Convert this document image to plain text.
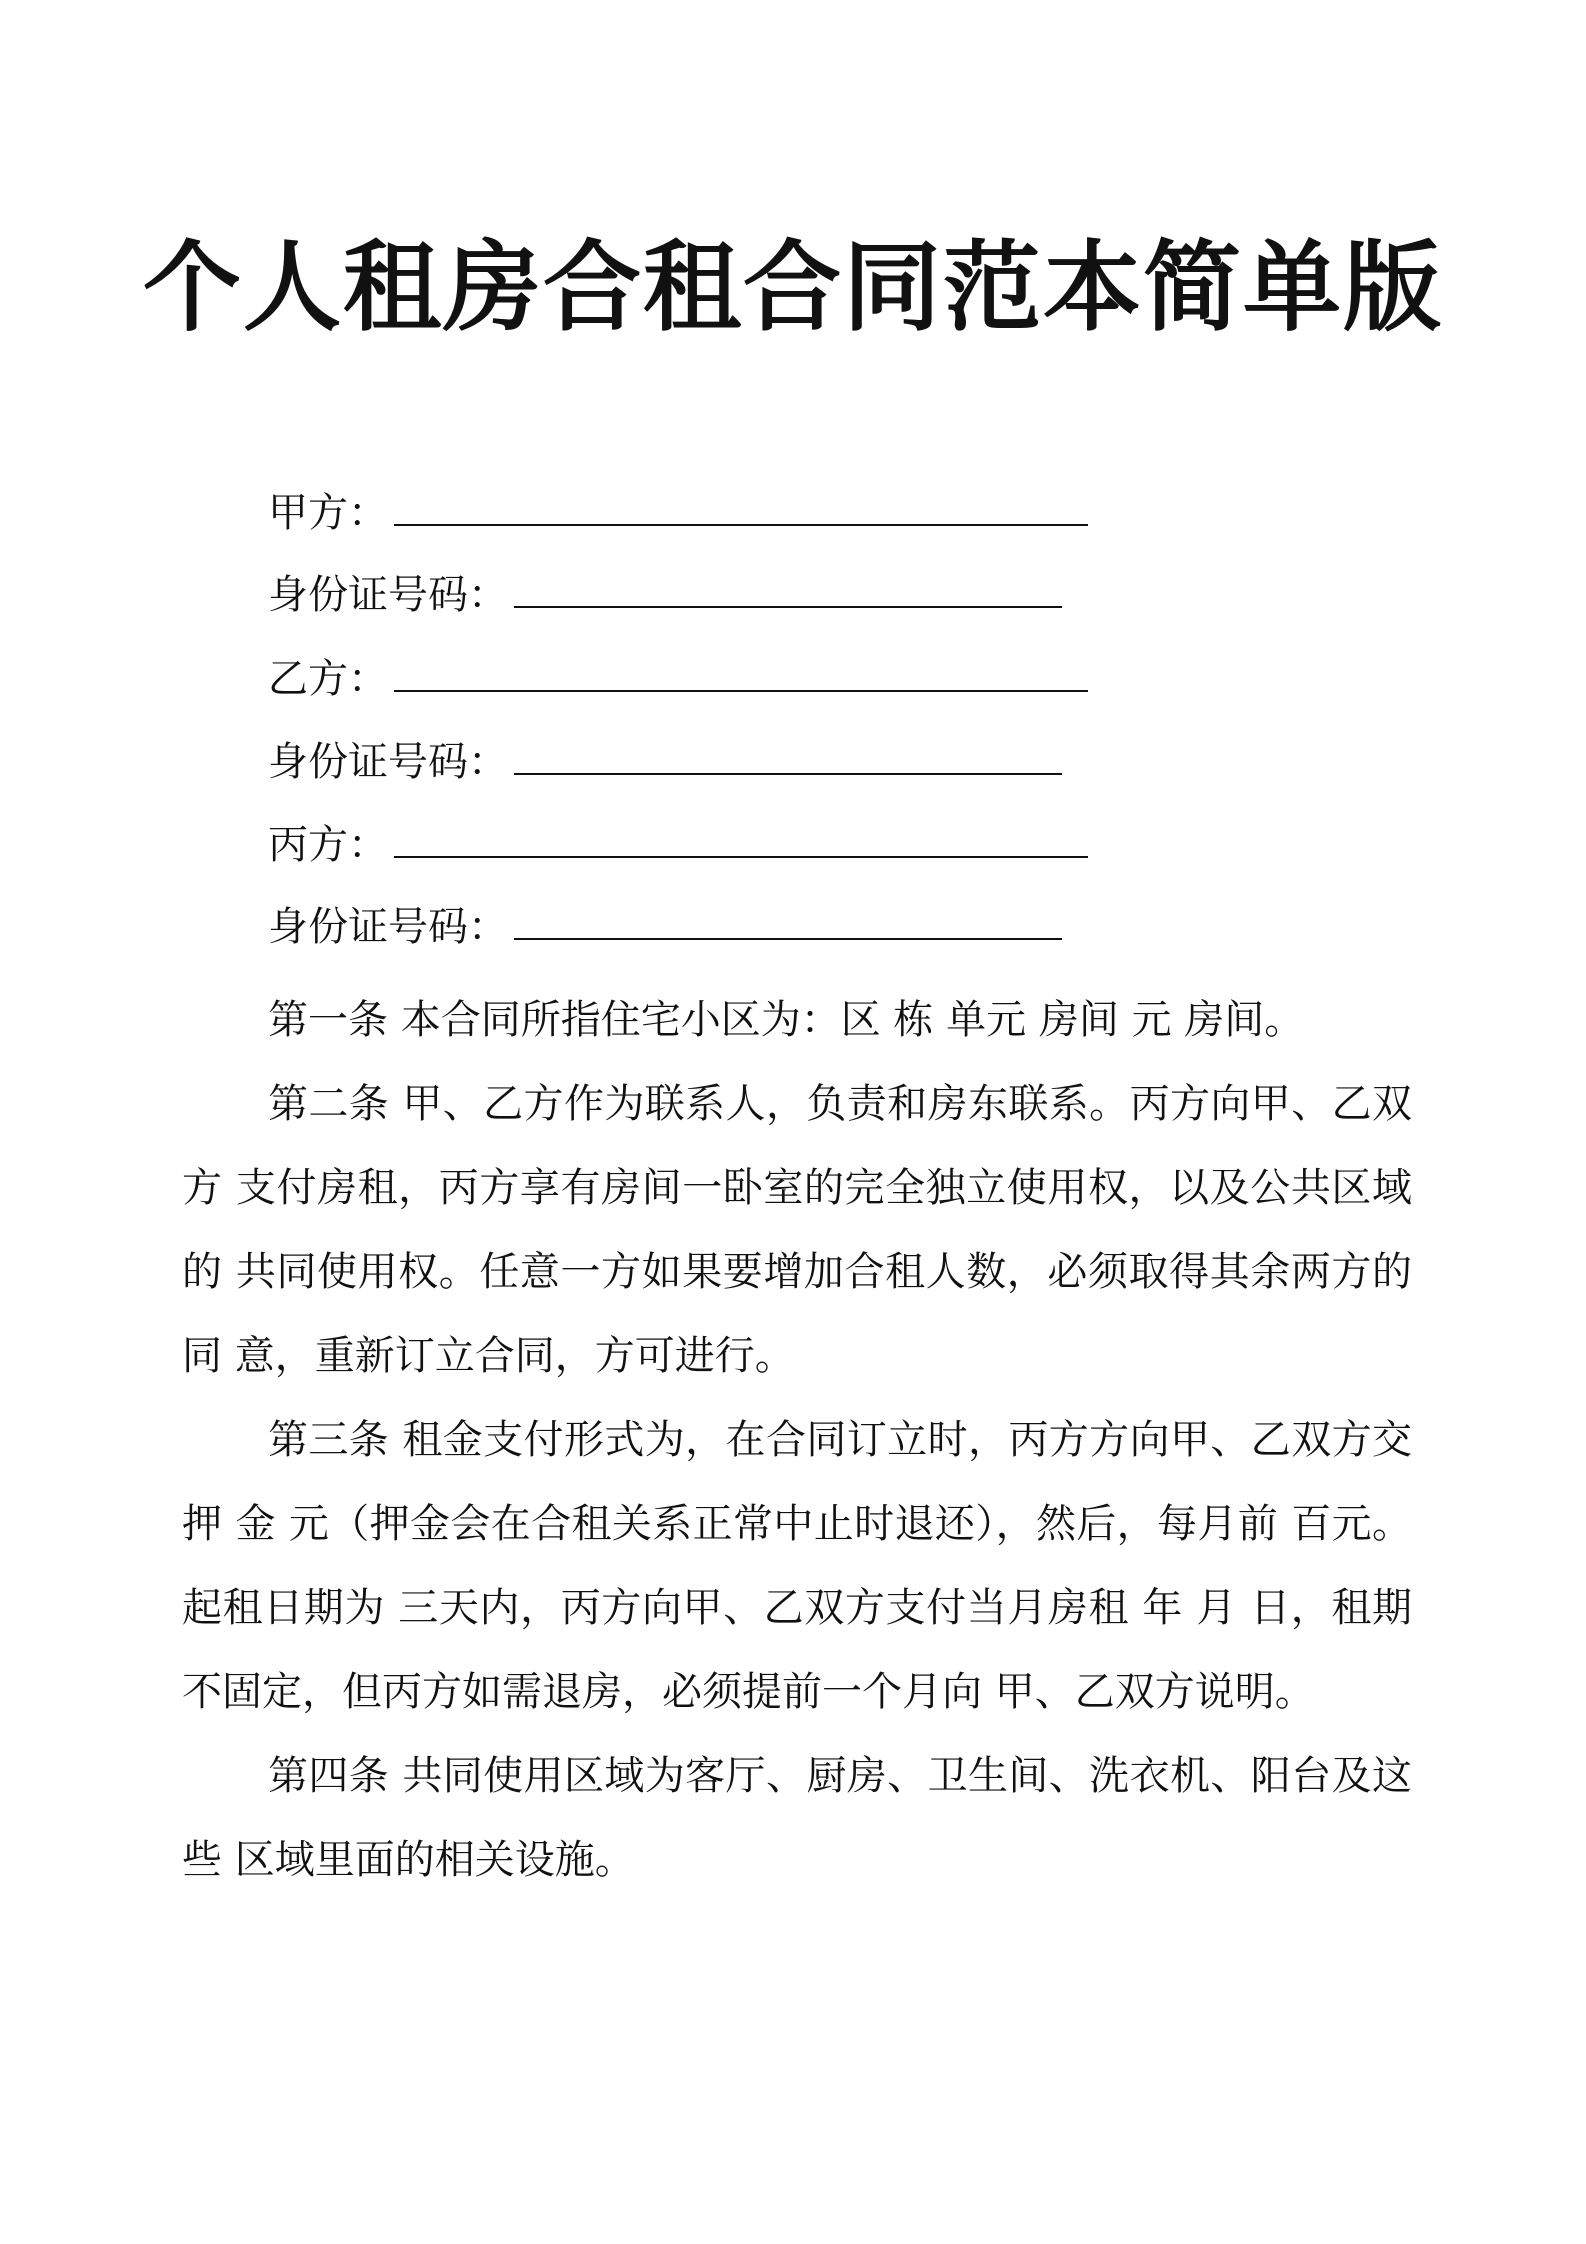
个人租房合租合同范本简单版
甲方：
身份证号码：
乙方：
身份证号码：
丙方：
身份证号码：

第一条 本合同所指住宅小区为：区 栋 单元 房间 元 房间。

第二条 甲、乙方作为联系人，负责和房东联系。丙方向甲、乙双方 支付房租，丙方享有房间一卧室的完全独立使用权，以及公共区域的 共同使用权。任意一方如果要增加合租人数，必须取得其余两方的同 意，重新订立合同，方可进行。

第三条 租金支付形式为，在合同订立时，丙方方向甲、乙双方交押 金 元（押金会在合租关系正常中止时退还），然后，每月前 百元。起租日期为 三天内，丙方向甲、乙双方支付当月房租 年 月 日，租期不固定，但丙方如需退房，必须提前一个月向 甲、乙双方说明。

第四条 共同使用区域为客厅、厨房、卫生间、洗衣机、阳台及这些 区域里面的相关设施。
